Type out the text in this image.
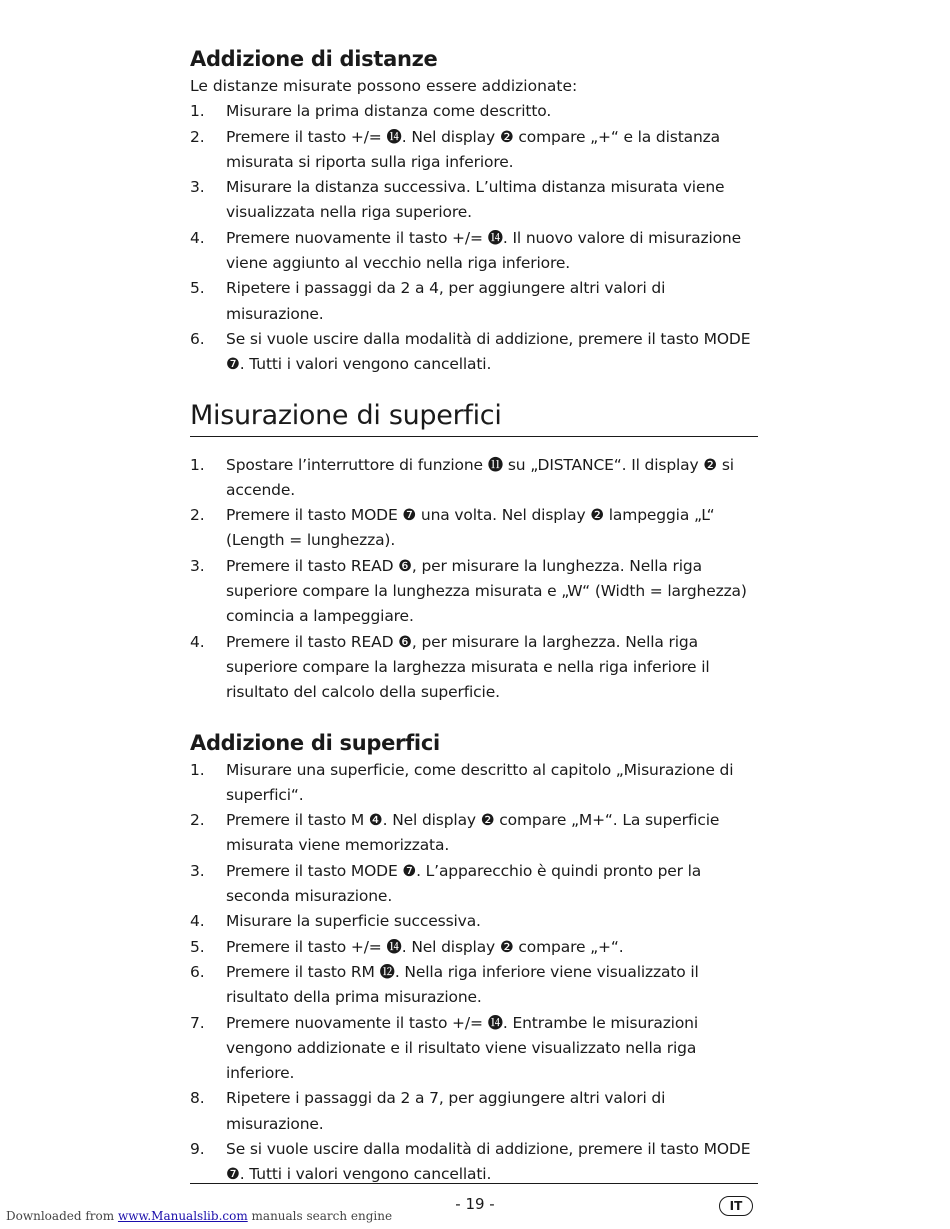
Addizione di distanze

Le distanze misurate possono essere addizionate:

1. Misurare la prima distanza come descritto.
2. Premere il tasto +/= ⓮. Nel display ❷ compare „+“ e la distanza misurata si riporta sulla riga inferiore.
3. Misurare la distanza successiva. L’ultima distanza misurata viene visualizzata nella riga superiore.
4. Premere nuovamente il tasto +/= ⓮. Il nuovo valore di misurazione viene aggiunto al vecchio nella riga inferiore.
5. Ripetere i passaggi da 2 a 4, per aggiungere altri valori di misurazione.
6. Se si vuole uscire dalla modalità di addizione, premere il tasto MODE ❼. Tutti i valori vengono cancellati.
Misurazione di superfici
1. Spostare l’interruttore di funzione ⓫ su „DISTANCE“. Il display ❷ si accende.
2. Premere il tasto MODE ❼ una volta. Nel display ❷ lampeggia „L“ (Length = lunghezza).
3. Premere il tasto READ ❻, per misurare la lunghezza. Nella riga superiore compare la lunghezza misurata e „W“ (Width = larghezza) comincia a lampeggiare.
4. Premere il tasto READ ❻, per misurare la larghezza. Nella riga superiore compare la larghezza misurata e nella riga inferiore il risultato del calcolo della superficie.
Addizione di superfici
1. Misurare una superficie, come descritto al capitolo „Misurazione di superfici“.
2. Premere il tasto M ❹. Nel display ❷ compare „M+“. La superficie misurata viene memorizzata.
3. Premere il tasto MODE ❼. L’apparecchio è quindi pronto per la seconda misurazione.
4. Misurare la superficie successiva.
5. Premere il tasto +/= ⓮. Nel display ❷ compare „+“.
6. Premere il tasto RM ⓬. Nella riga inferiore viene visualizzato il risultato della prima misurazione.
7. Premere nuovamente il tasto +/= ⓮. Entrambe le misurazioni vengono addizionate e il risultato viene visualizzato nella riga inferiore.
8. Ripetere i passaggi da 2 a 7, per aggiungere altri valori di misurazione.
9. Se si vuole uscire dalla modalità di addizione, premere il tasto MODE ❼. Tutti i valori vengono cancellati.
- 19 -	IT
Downloaded from www.Manualslib.com manuals search engine
